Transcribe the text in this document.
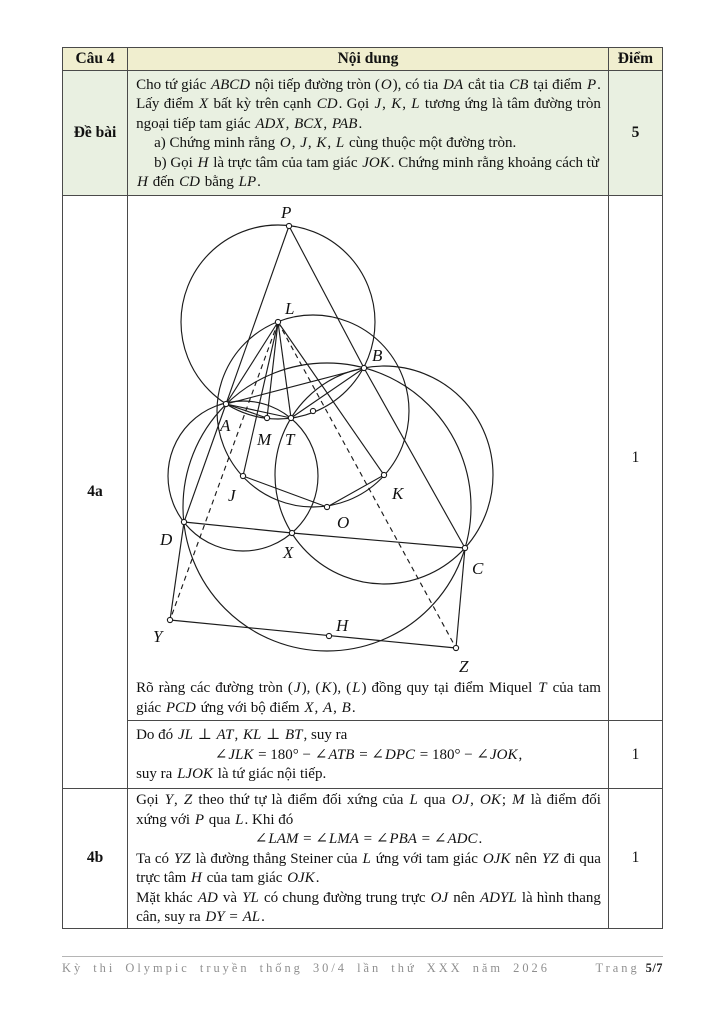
Câu 4	Nội dung	Điểm
Đề bài	Cho tứ giác ABCD nội tiếp đường tròn (O), có tia DA cắt tia CB tại điểm P. Lấy điểm X bất kỳ trên cạnh CD. Gọi J, K, L tương ứng là tâm đường tròn ngoại tiếp tam giác ADX, BCX, PAB.

a) Chứng minh rằng O, J, K, L cùng thuộc một đường tròn.

b) Gọi H là trực tâm của tam giác JOK. Chứng minh rằng khoảng cách từ H đến CD bằng LP.	5
4a	
P
L
B
A
M T
J	K
O
D
X
C
Y
H
Z
Rõ ràng các đường tròn (J), (K), (L) đồng quy tại điểm Miquel T của tam giác PCD ứng với bộ điểm X, A, B.
	1

	Do đó JL ⊥ AT, KL ⊥ BT, suy ra

∠JLK = 180° − ∠ATB = ∠DPC = 180° − ∠JOK,

suy ra LJOK là tứ giác nội tiếp.	1
4b	Gọi Y, Z theo thứ tự là điểm đối xứng của L qua OJ, OK; M là điểm đối xứng với P qua L. Khi đó

∠LAM = ∠LMA = ∠PBA = ∠ADC.

Ta có YZ là đường thẳng Steiner của L ứng với tam giác OJK nên YZ đi qua trực tâm H của tam giác OJK.

Mặt khác AD và YL có chung đường trung trực OJ nên ADYL là hình thang cân, suy ra DY = AL.	1
Kỳ thi Olympic truyền thống 30/4 lần thứ XXX năm 2026	Trang 5/7
